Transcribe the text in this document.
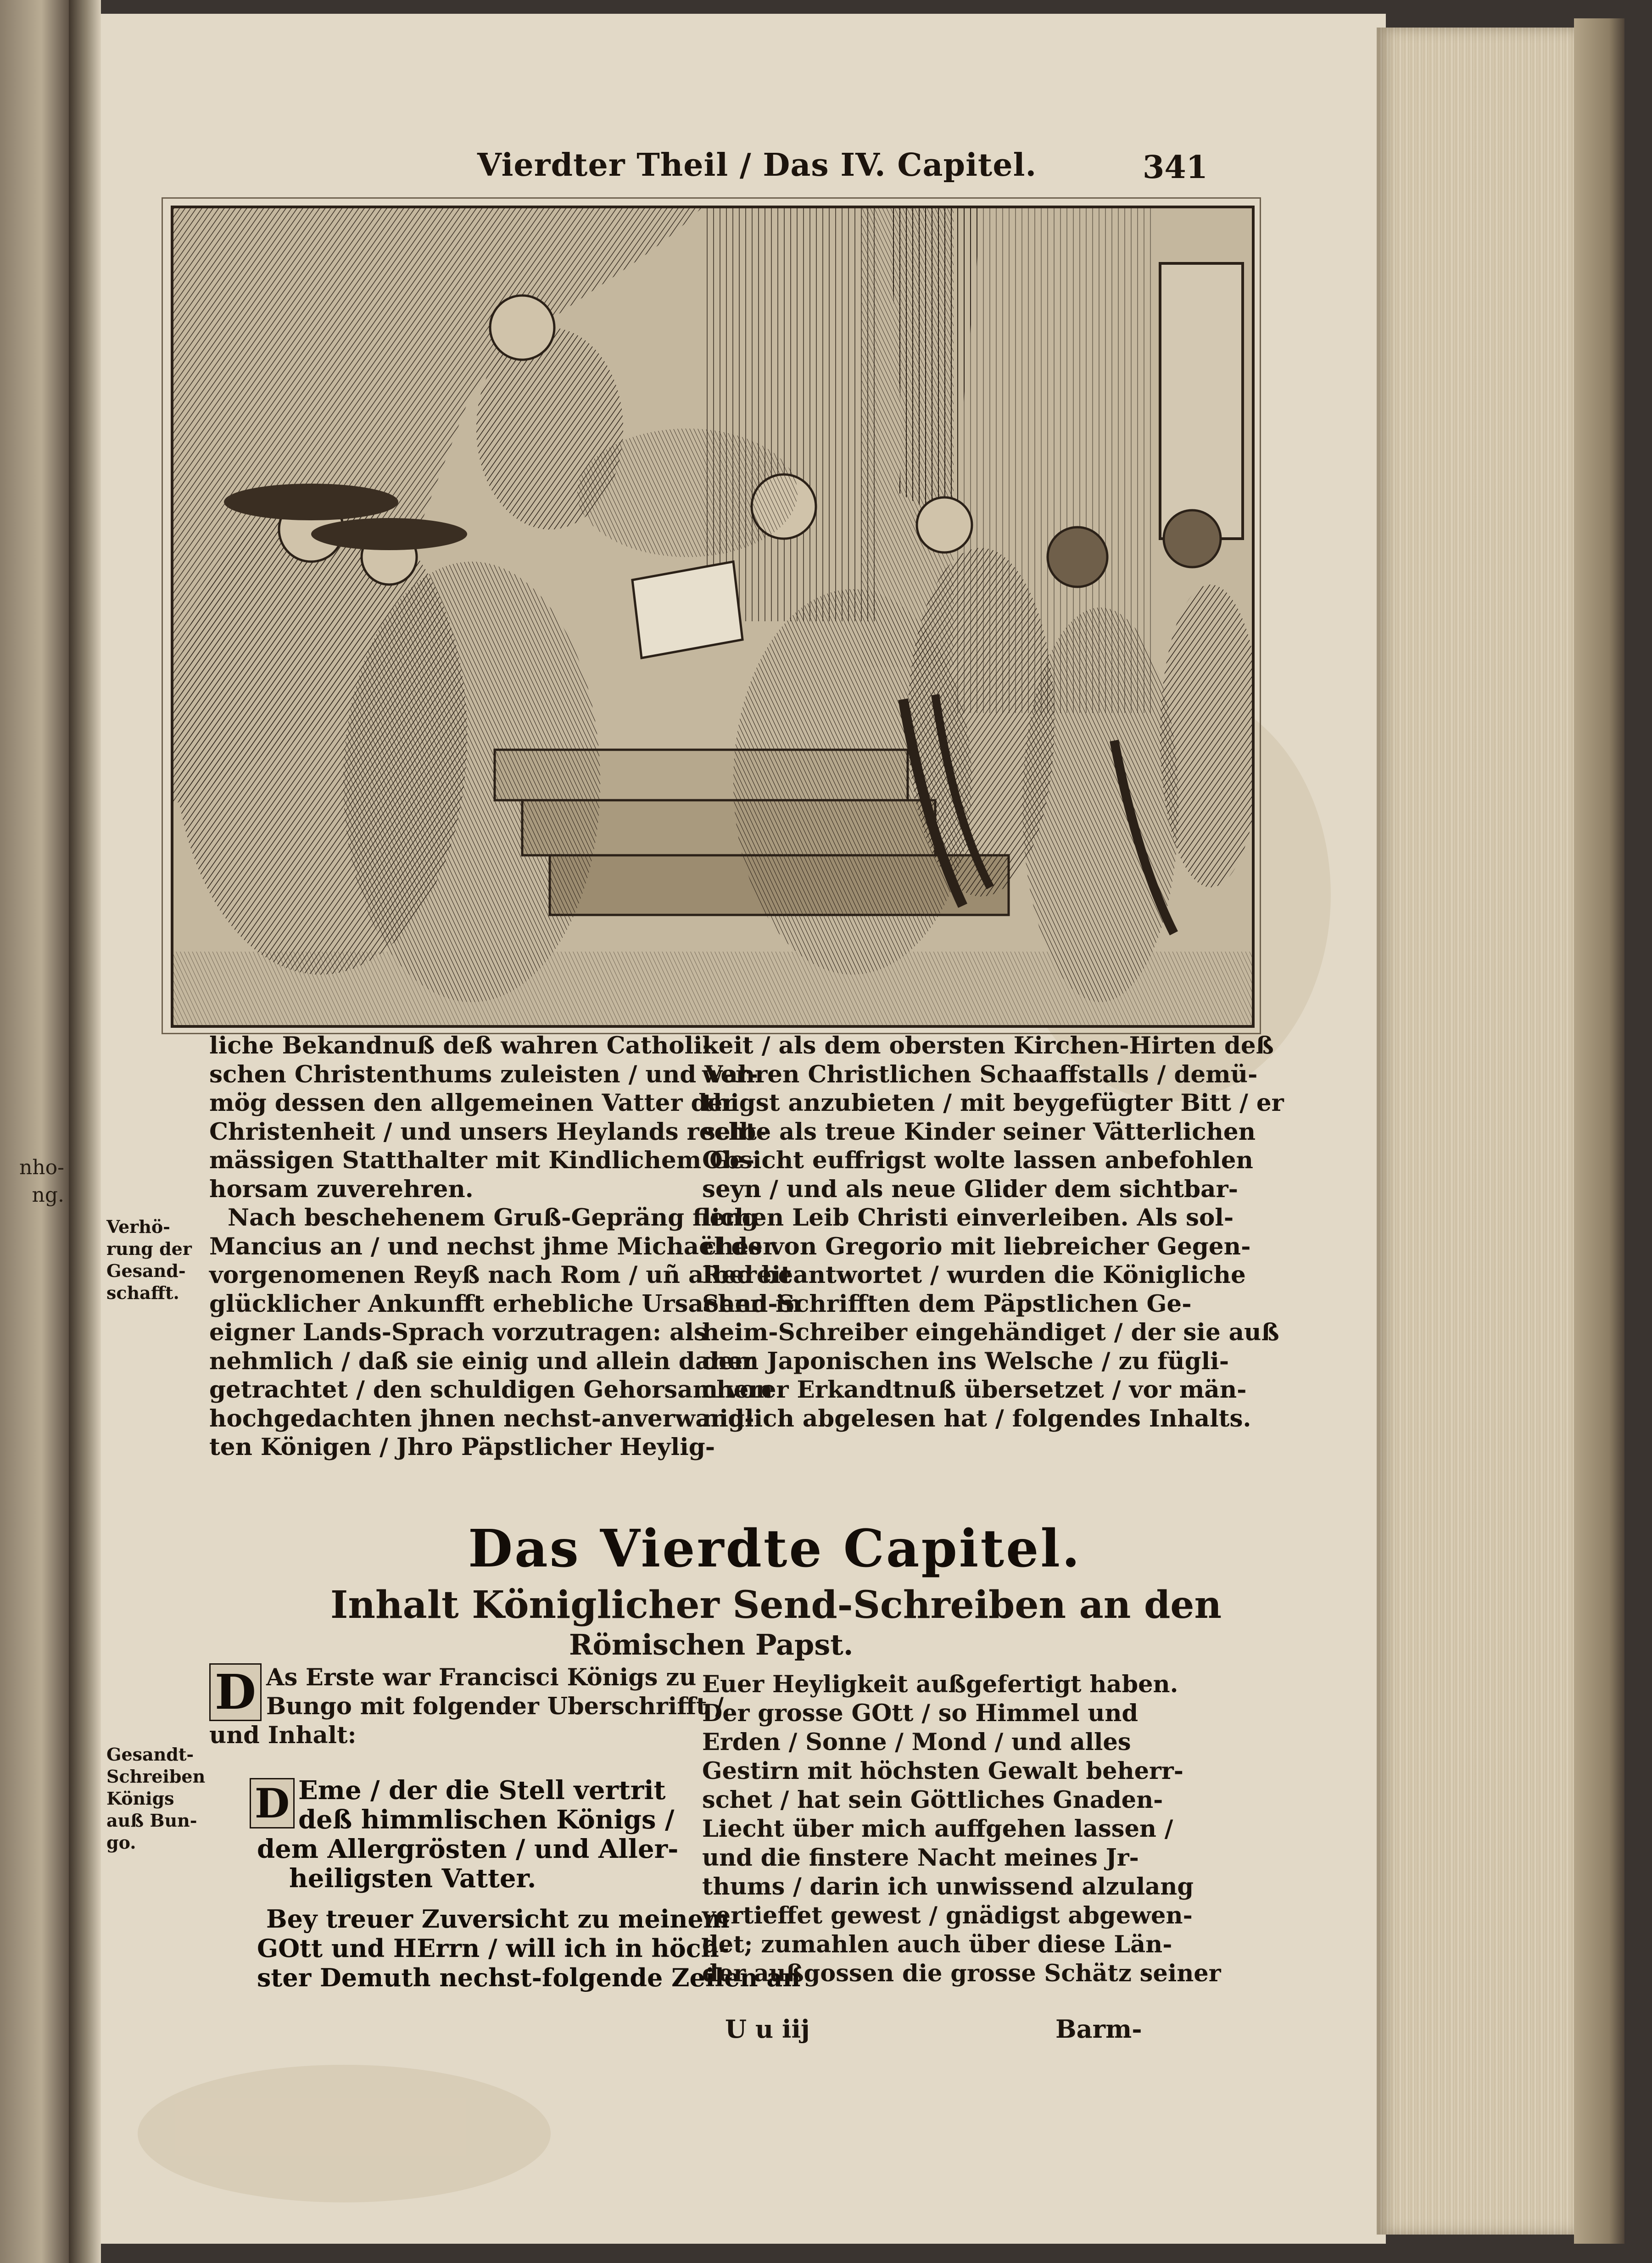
nho-
ng.
Vierdter Theil / Das IV. Capitel.	341
liche Bekandnuß deß wahren Catholi-
schen Christenthums zuleisten / und Ver-
mög dessen den allgemeinen Vatter der
Christenheit / und unsers Heylands recht-
mässigen Statthalter mit Kindlichem Ge-
horsam zuverehren.
Nach beschehenem Gruß-Gepräng fieng
Mancius an / und nechst jhme Michaël der
vorgenomenen Reyß nach Rom / uñ albereit
glücklicher Ankunfft erhebliche Ursachen in
eigner Lands-Sprach vorzutragen: als
nehmlich / daß sie einig und allein daher
getrachtet / den schuldigen Gehorsam von
hochgedachten jhnen nechst-anverwand-
ten Königen / Jhro Päpstlicher Heylig-
keit / als dem obersten Kirchen-Hirten deß
wahren Christlichen Schaaffstalls / demü-
thigst anzubieten / mit beygefügter Bitt / er
selbe als treue Kinder seiner Vätterlichen
Obsicht euffrigst wolte lassen anbefohlen
seyn / und als neue Glider dem sichtbar-
lichen Leib Christi einverleiben. Als sol-
ches von Gregorio mit liebreicher Gegen-
Red beantwortet / wurden die Königliche
Send-Schrifften dem Päpstlichen Ge-
heim-Schreiber eingehändiget / der sie auß
dem Japonischen ins Welsche / zu fügli-
cherer Erkandtnuß übersetzet / vor män-
niglich abgelesen hat / folgendes Inhalts.
Verhö-
rung der
Gesand-
schafft.
Das Vierdte Capitel.
Inhalt Königlicher Send-Schreiben an den
Römischen Papst.
D As Erste war Francisci Königs zu
Bungo mit folgender Uberschrifft /
und Inhalt:
D Eme / der die Stell vertrit
deß himmlischen Königs /
dem Allergrösten / und Aller-
heiligsten Vatter.
Bey treuer Zuversicht zu meinem
GOtt und HErrn / will ich in höch-
ster Demuth nechst-folgende Zeilen an
Euer Heyligkeit außgefertigt haben.
Der grosse GOtt / so Himmel und
Erden / Sonne / Mond / und alles
Gestirn mit höchsten Gewalt beherr-
schet / hat sein Göttliches Gnaden-
Liecht über mich auffgehen lassen /
und die finstere Nacht meines Jr-
thums / darin ich unwissend alzulang
vertieffet gewest / gnädigst abgewen-
det; zumahlen auch über diese Län-
der außgossen die grosse Schätz seiner
Gesandt-
Schreiben
Königs
auß Bun-
go.
U u iij	Barm-
